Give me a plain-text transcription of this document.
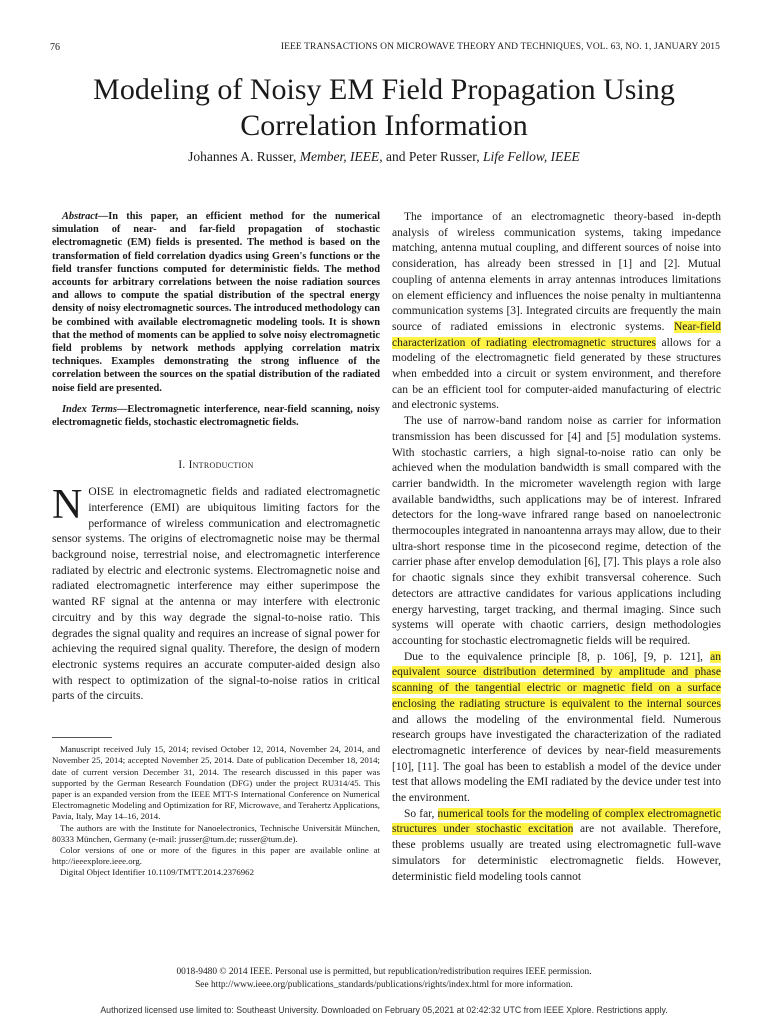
76	IEEE TRANSACTIONS ON MICROWAVE THEORY AND TECHNIQUES, VOL. 63, NO. 1, JANUARY 2015
Modeling of Noisy EM Field Propagation Using
Correlation Information
Johannes A. Russer, Member, IEEE, and Peter Russer, Life Fellow, IEEE

Abstract—In this paper, an efficient method for the numerical simulation of near- and far-field propagation of stochastic electromagnetic (EM) fields is presented. The method is based on the transformation of field correlation dyadics using Green's functions or the field transfer functions computed for deterministic fields. The method accounts for arbitrary correlations between the noise radiation sources and allows to compute the spatial distribution of the spectral energy density of noisy electromagnetic sources. The introduced methodology can be combined with available electromagnetic modeling tools. It is shown that the method of moments can be applied to solve noisy electromagnetic field problems by network methods applying correlation matrix techniques. Examples demonstrating the strong influence of the correlation between the sources on the spatial distribution of the radiated noise field are presented.

Index Terms—Electromagnetic interference, near-field scanning, noisy electromagnetic fields, stochastic electromagnetic fields.

I. Introduction

NOISE in electromagnetic fields and radiated electromagnetic interference (EMI) are ubiquitous limiting factors for the performance of wireless communication and electromagnetic sensor systems. The origins of electromagnetic noise may be thermal background noise, terrestrial noise, and electromagnetic interference radiated by electric and electronic systems. Electromagnetic noise and radiated electromagnetic interference may either superimpose the wanted RF signal at the antenna or may interfere with electronic circuitry and by this way degrade the signal-to-noise ratio. This degrades the signal quality and requires an increase of signal power for achieving the required signal quality. Therefore, the design of modern electronic systems requires an accurate computer-aided design also with respect to optimization of the signal-to-noise ratios in critical parts of the circuits.

Manuscript received July 15, 2014; revised October 12, 2014, November 24, 2014, and November 25, 2014; accepted November 25, 2014. Date of publication December 18, 2014; date of current version December 31, 2014. The research discussed in this paper was supported by the German Research Foundation (DFG) under the project RU314/45. This paper is an expanded version from the IEEE MTT-S International Conference on Numerical Electromagnetic Modeling and Optimization for RF, Microwave, and Terahertz Applications, Pavia, Italy, May 14–16, 2014.

The authors are with the Institute for Nanoelectronics, Technische Universität München, 80333 München, Germany (e-mail: jrusser@tum.de; russer@tum.de).

Color versions of one or more of the figures in this paper are available online at http://ieeexplore.ieee.org.

Digital Object Identifier 10.1109/TMTT.2014.2376962

The importance of an electromagnetic theory-based in-depth analysis of wireless communication systems, taking impedance matching, antenna mutual coupling, and different sources of noise into consideration, has already been stressed in [1] and [2]. Mutual coupling of antenna elements in array antennas introduces limitations on element efficiency and influences the noise penalty in multiantenna communication systems [3]. Integrated circuits are frequently the main source of radiated emissions in electronic systems. Near-field characterization of radiating electromagnetic structures allows for a modeling of the electromagnetic field generated by these structures when embedded into a circuit or system environment, and therefore can be an efficient tool for computer-aided manufacturing of electric and electronic systems.

The use of narrow-band random noise as carrier for information transmission has been discussed for [4] and [5] modulation systems. With stochastic carriers, a high signal-to-noise ratio can only be achieved when the modulation bandwidth is small compared with the carrier bandwidth. In the micrometer wavelength region with large available bandwidths, such applications may be of interest. Infrared detectors for the long-wave infrared range based on nanoelectronic thermocouples integrated in nanoantenna arrays may allow, due to their ultra-short response time in the picosecond regime, detection of the carrier phase after envelop demodulation [6], [7]. This plays a role also for chaotic signals since they exhibit transversal coherence. Such detectors are attractive candidates for various applications including energy harvesting, target tracking, and thermal imaging. Since such systems will operate with chaotic carriers, design methodologies accounting for stochastic electromagnetic fields will be required.

Due to the equivalence principle [8, p. 106], [9, p. 121], an equivalent source distribution determined by amplitude and phase scanning of the tangential electric or magnetic field on a surface enclosing the radiating structure is equivalent to the internal sources and allows the modeling of the environmental field. Numerous research groups have investigated the characterization of the radiated electromagnetic interference of devices by near-field measurements [10], [11]. The goal has been to establish a model of the device under test that allows modeling the EMI radiated by the device under test into the environment.

So far, numerical tools for the modeling of complex electromagnetic structures under stochastic excitation are not available. Therefore, these problems usually are treated using electromagnetic full-wave simulators for deterministic electromagnetic fields. However, deterministic field modeling tools cannot

0018-9480 © 2014 IEEE. Personal use is permitted, but republication/redistribution requires IEEE permission.
See http://www.ieee.org/publications_standards/publications/rights/index.html for more information.
Authorized licensed use limited to: Southeast University. Downloaded on February 05,2021 at 02:42:32 UTC from IEEE Xplore. Restrictions apply.
